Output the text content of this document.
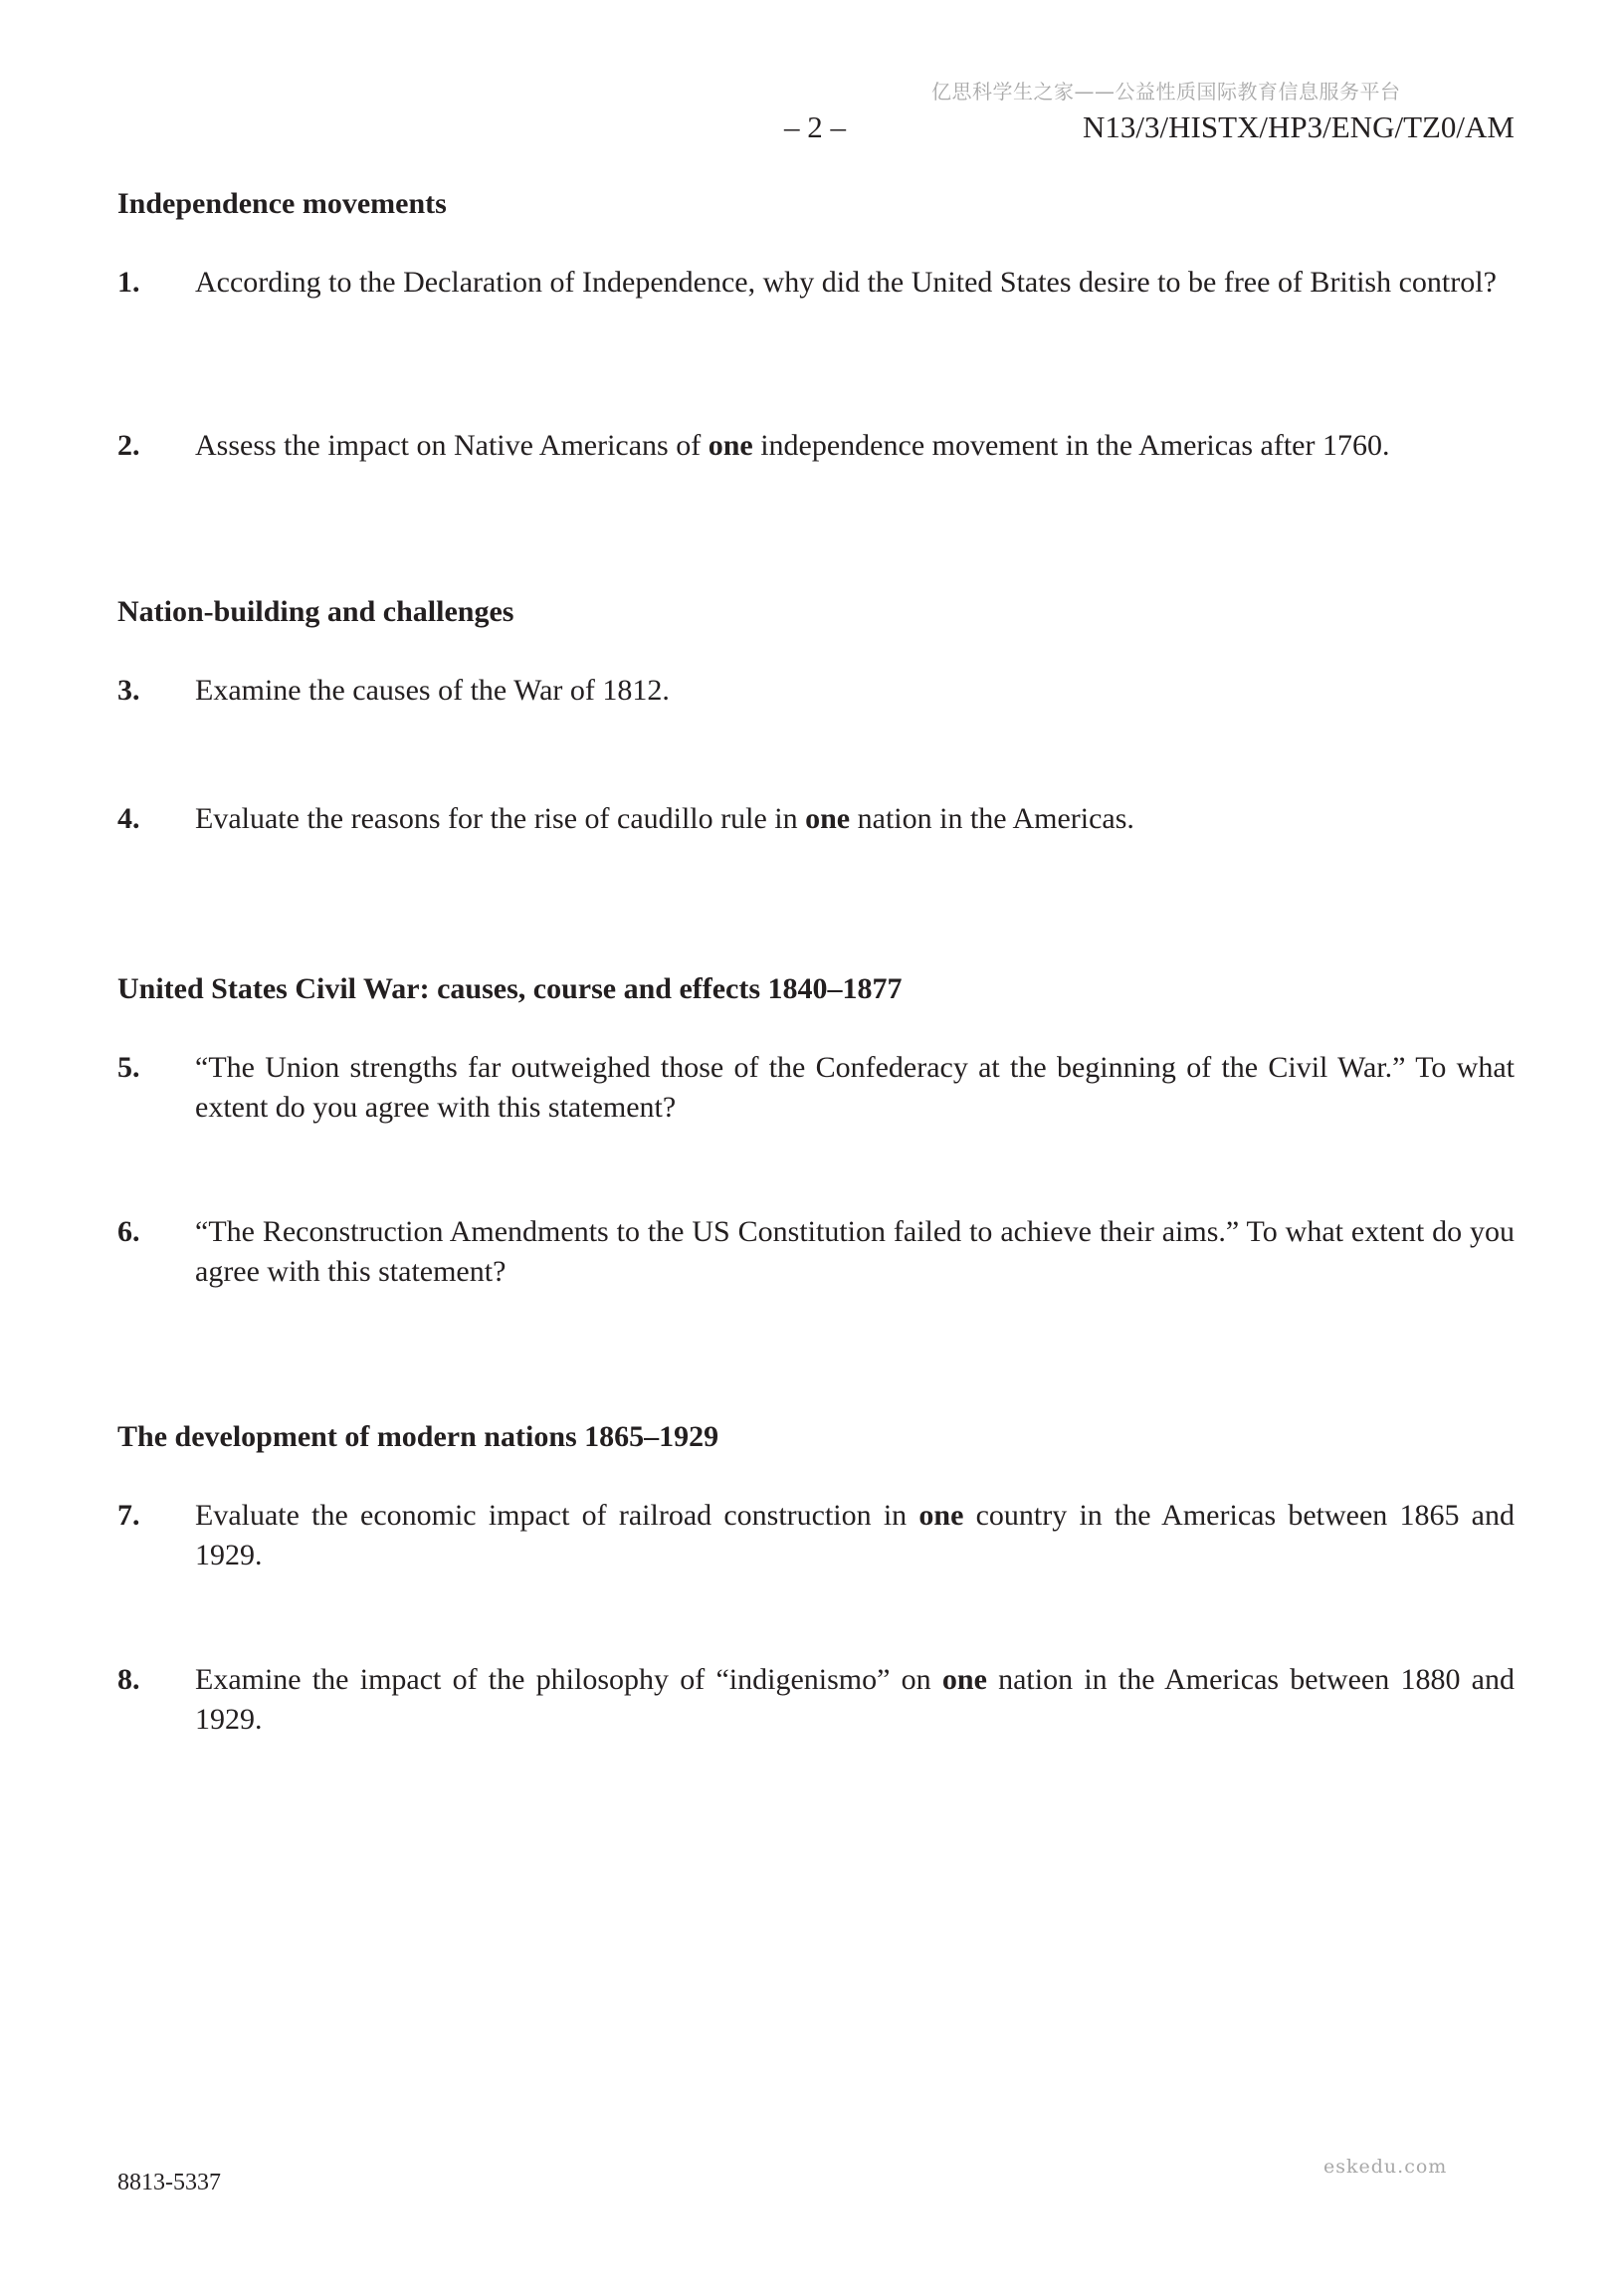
亿思科学生之家——公益性质国际教育信息服务平台
– 2 –	N13/3/HISTX/HP3/ENG/TZ0/AM
Independence movements
1. According to the Declaration of Independence, why did the United States desire to be free of British control?
2. Assess the impact on Native Americans of one independence movement in the Americas after 1760.
Nation-building and challenges
3. Examine the causes of the War of 1812.
4. Evaluate the reasons for the rise of caudillo rule in one nation in the Americas.
United States Civil War: causes, course and effects 1840–1877
5. “The Union strengths far outweighed those of the Confederacy at the beginning of the Civil War.” To what extent do you agree with this statement?
6. “The Reconstruction Amendments to the US Constitution failed to achieve their aims.” To what extent do you agree with this statement?
The development of modern nations 1865–1929
7. Evaluate the economic impact of railroad construction in one country in the Americas between 1865 and 1929.
8. Examine the impact of the philosophy of “indigenismo” on one nation in the Americas between 1880 and 1929.
eskedu.com
8813-5337
